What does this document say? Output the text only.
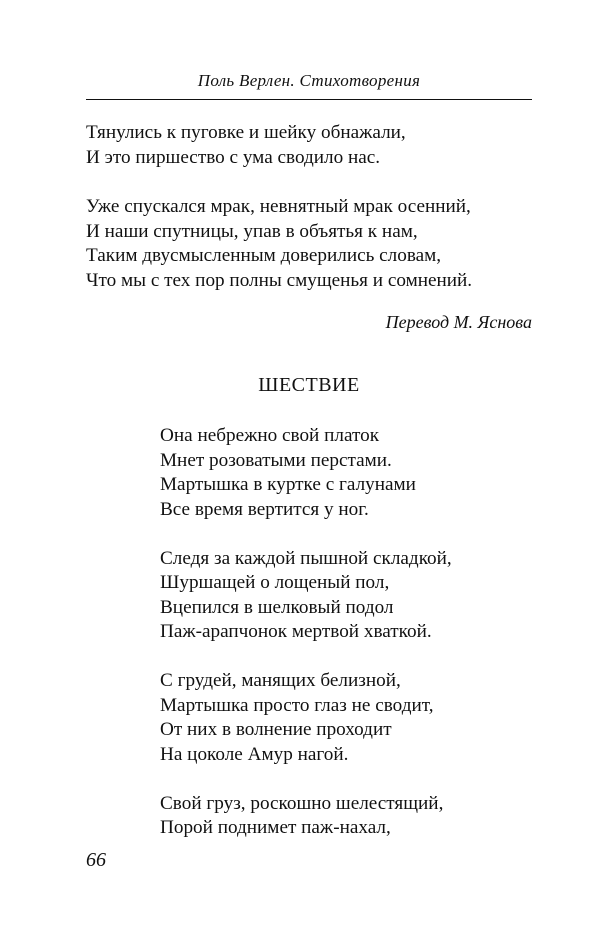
Поль Верлен. Стихотворения
Тянулись к пуговке и шейку обнажали,
И это пиршество с ума сводило нас.
Уже спускался мрак, невнятный мрак осенний,
И наши спутницы, упав в объятья к нам,
Таким двусмысленным доверились словам,
Что мы с тех пор полны смущенья и сомнений.
Перевод М. Яснова
ШЕСТВИЕ
Она небрежно свой платок
Мнет розоватыми перстами.
Мартышка в куртке с галунами
Все время вертится у ног.
Следя за каждой пышной складкой,
Шуршащей о лощеный пол,
Вцепился в шелковый подол
Паж-арапчонок мертвой хваткой.
С грудей, манящих белизной,
Мартышка просто глаз не сводит,
От них в волнение проходит
На цоколе Амур нагой.
Свой груз, роскошно шелестящий,
Порой поднимет паж-нахал,
66
